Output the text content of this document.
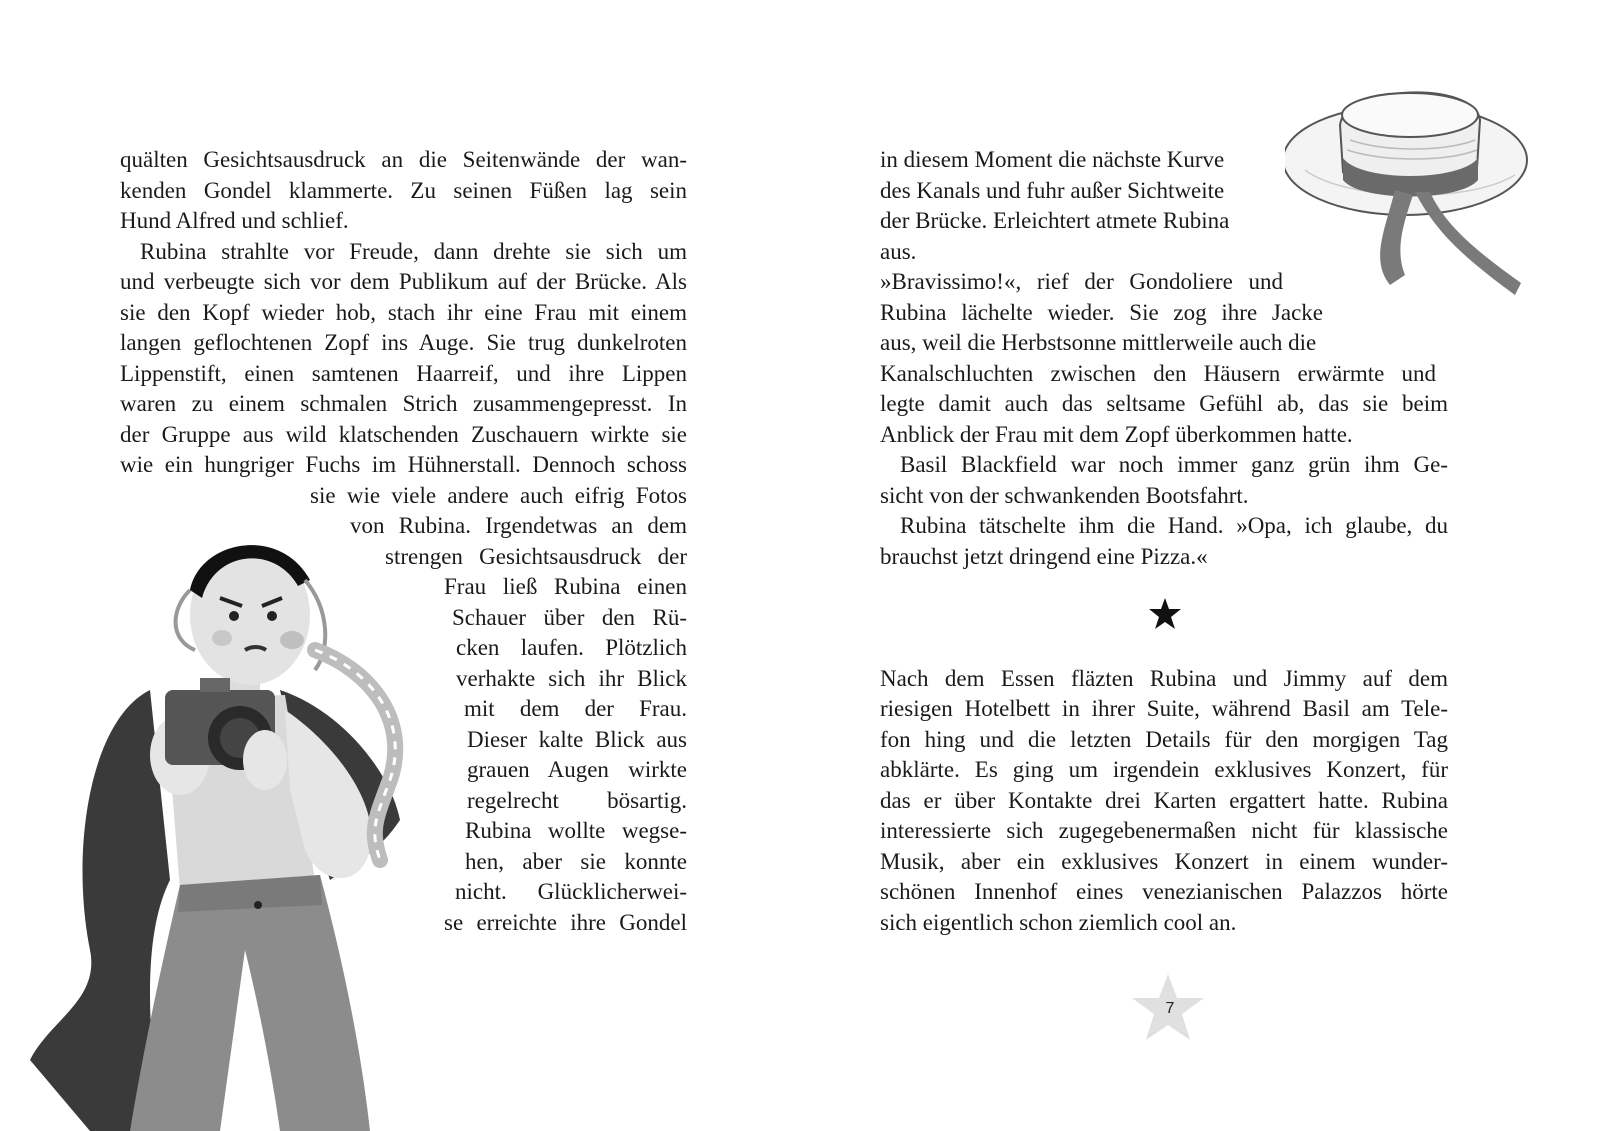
quälten Gesichtsausdruck an die Seitenwände der wan-
kenden Gondel klammerte. Zu seinen Füßen lag sein
Hund Alfred und schlief.
Rubina strahlte vor Freude, dann drehte sie sich um
und verbeugte sich vor dem Publikum auf der Brücke. Als
sie den Kopf wieder hob, stach ihr eine Frau mit einem
langen geflochtenen Zopf ins Auge. Sie trug dunkelroten
Lippenstift, einen samtenen Haarreif, und ihre Lippen
waren zu einem schmalen Strich zusammengepresst. In
der Gruppe aus wild klatschenden Zuschauern wirkte sie
wie ein hungriger Fuchs im Hühnerstall. Dennoch schoss
sie wie viele andere auch eifrig Fotos
von Rubina. Irgendetwas an dem
strengen Gesichtsausdruck der
Frau ließ Rubina einen
Schauer über den Rü-
cken laufen. Plötzlich
verhakte sich ihr Blick
mit dem der Frau.
Dieser kalte Blick aus
grauen Augen wirkte
regelrecht bösartig.
Rubina wollte wegse-
hen, aber sie konnte
nicht. Glücklicherwei-
se erreichte ihre Gondel
in diesem Moment die nächste Kurve
des Kanals und fuhr außer Sichtweite
der Brücke. Erleichtert atmete Rubina
aus.
»Bravissimo!«, rief der Gondoliere und
Rubina lächelte wieder. Sie zog ihre Jacke
aus, weil die Herbstsonne mittlerweile auch die
Kanalschluchten zwischen den Häusern erwärmte und
legte damit auch das seltsame Gefühl ab, das sie beim
Anblick der Frau mit dem Zopf überkommen hatte.
Basil Blackfield war noch immer ganz grün ihm Ge-
sicht von der schwankenden Bootsfahrt.
Rubina tätschelte ihm die Hand. »Opa, ich glaube, du
brauchst jetzt dringend eine Pizza.«
Nach dem Essen fläzten Rubina und Jimmy auf dem
riesigen Hotelbett in ihrer Suite, während Basil am Tele-
fon hing und die letzten Details für den morgigen Tag
abklärte. Es ging um irgendein exklusives Konzert, für
das er über Kontakte drei Karten ergattert hatte. Rubina
interessierte sich zugegebenermaßen nicht für klassische
Musik, aber ein exklusives Konzert in einem wunder-
schönen Innenhof eines venezianischen Palazzos hörte
sich eigentlich schon ziemlich cool an.
7
